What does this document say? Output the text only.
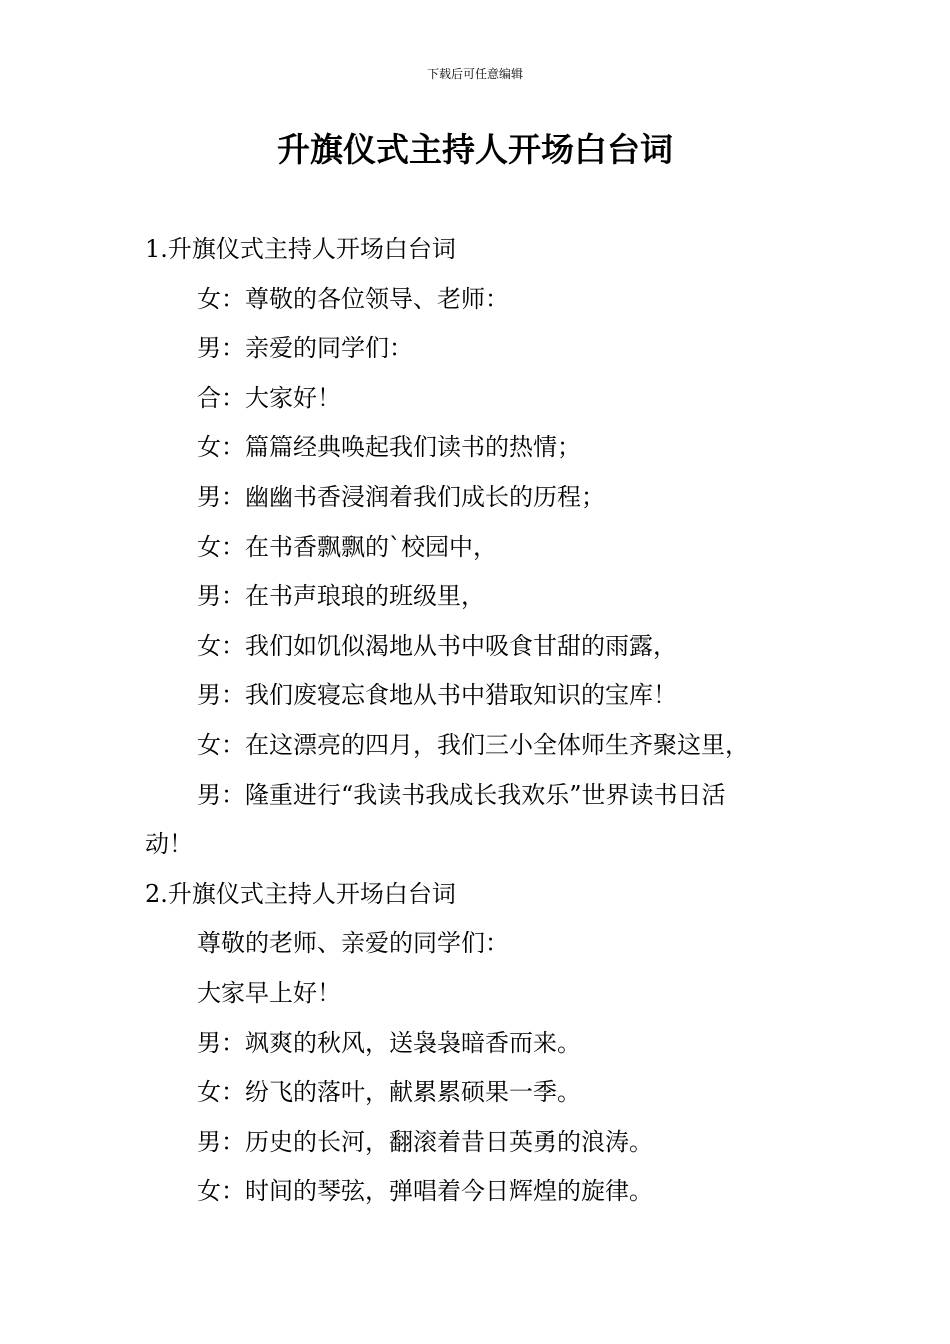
下载后可任意编辑
升旗仪式主持人开场白台词

1.升旗仪式主持人开场白台词

女：尊敬的各位领导、老师：

男：亲爱的同学们：

合：大家好！

女：篇篇经典唤起我们读书的热情；

男：幽幽书香浸润着我们成长的历程；

女：在书香飘飘的`校园中，

男：在书声琅琅的班级里，

女：我们如饥似渴地从书中吸食甘甜的雨露，

男：我们废寝忘食地从书中猎取知识的宝库！

女：在这漂亮的四月，我们三小全体师生齐聚这里，

男：隆重进行“我读书我成长我欢乐”世界读书日活

动！

2.升旗仪式主持人开场白台词

尊敬的老师、亲爱的同学们：

大家早上好！

男：飒爽的秋风，送袅袅暗香而来。

女：纷飞的落叶，献累累硕果一季。

男：历史的长河，翻滚着昔日英勇的浪涛。

女：时间的琴弦，弹唱着今日辉煌的旋律。
